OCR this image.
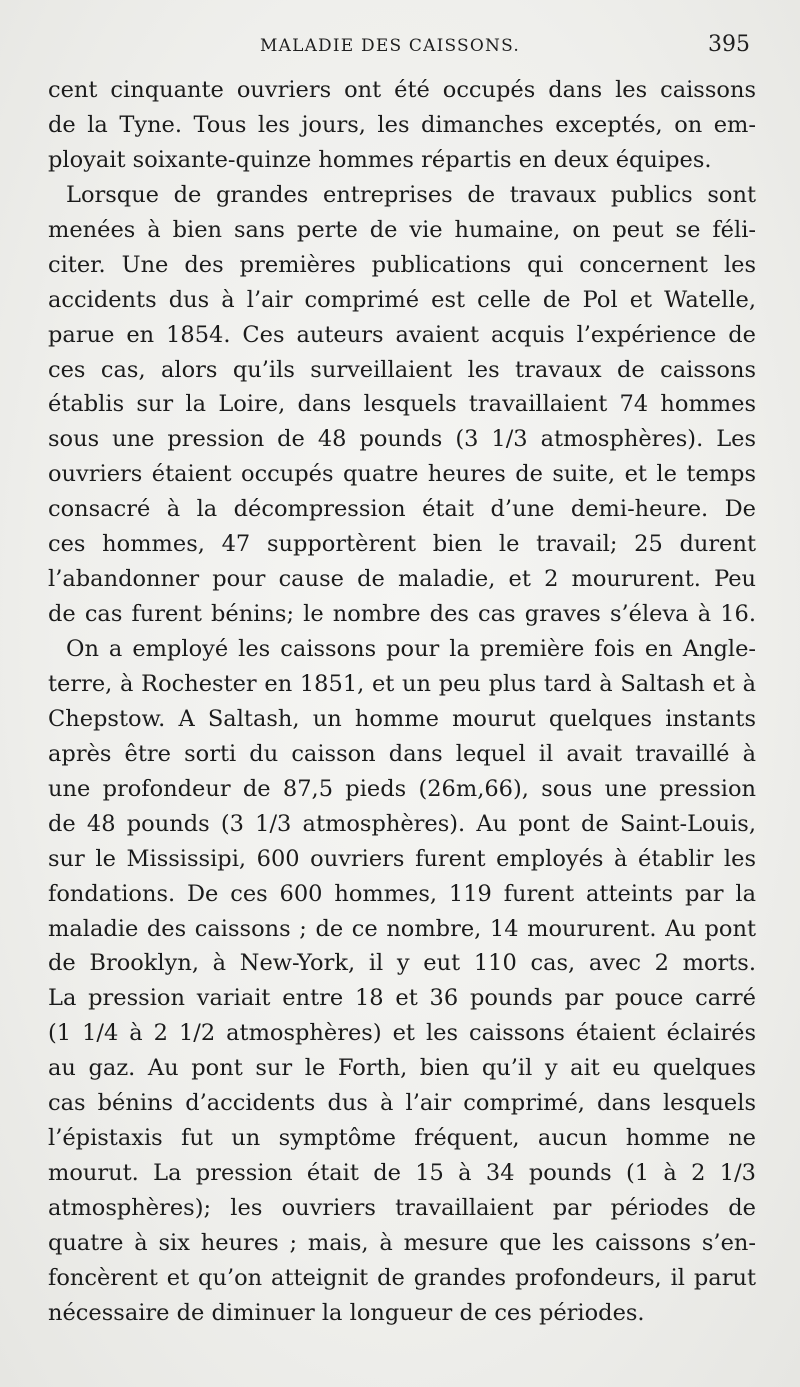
MALADIE DES CAISSONS.	395
cent cinquante ouvriers ont été occupés dans les caissons
de la Tyne. Tous les jours, les dimanches exceptés, on em-
ployait soixante-quinze hommes répartis en deux équipes.
Lorsque de grandes entreprises de travaux publics sont
menées à bien sans perte de vie humaine, on peut se féli-
citer. Une des premières publications qui concernent les
accidents dus à l’air comprimé est celle de Pol et Watelle,
parue en 1854. Ces auteurs avaient acquis l’expérience de
ces cas, alors qu’ils surveillaient les travaux de caissons
établis sur la Loire, dans lesquels travaillaient 74 hommes
sous une pression de 48 pounds (3 1/3 atmosphères). Les
ouvriers étaient occupés quatre heures de suite, et le temps
consacré à la décompression était d’une demi-heure. De
ces hommes, 47 supportèrent bien le travail; 25 durent
l’abandonner pour cause de maladie, et 2 moururent. Peu
de cas furent bénins; le nombre des cas graves s’éleva à 16.
On a employé les caissons pour la première fois en Angle-
terre, à Rochester en 1851, et un peu plus tard à Saltash et à
Chepstow. A Saltash, un homme mourut quelques instants
après être sorti du caisson dans lequel il avait travaillé à
une profondeur de 87,5 pieds (26m,66), sous une pression
de 48 pounds (3 1/3 atmosphères). Au pont de Saint-Louis,
sur le Mississipi, 600 ouvriers furent employés à établir les
fondations. De ces 600 hommes, 119 furent atteints par la
maladie des caissons ; de ce nombre, 14 moururent. Au pont
de Brooklyn, à New-York, il y eut 110 cas, avec 2 morts.
La pression variait entre 18 et 36 pounds par pouce carré
(1 1/4 à 2 1/2 atmosphères) et les caissons étaient éclairés
au gaz. Au pont sur le Forth, bien qu’il y ait eu quelques
cas bénins d’accidents dus à l’air comprimé, dans lesquels
l’épistaxis fut un symptôme fréquent, aucun homme ne
mourut. La pression était de 15 à 34 pounds (1 à 2 1/3
atmosphères); les ouvriers travaillaient par périodes de
quatre à six heures ; mais, à mesure que les caissons s’en-
foncèrent et qu’on atteignit de grandes profondeurs, il parut
nécessaire de diminuer la longueur de ces périodes.
